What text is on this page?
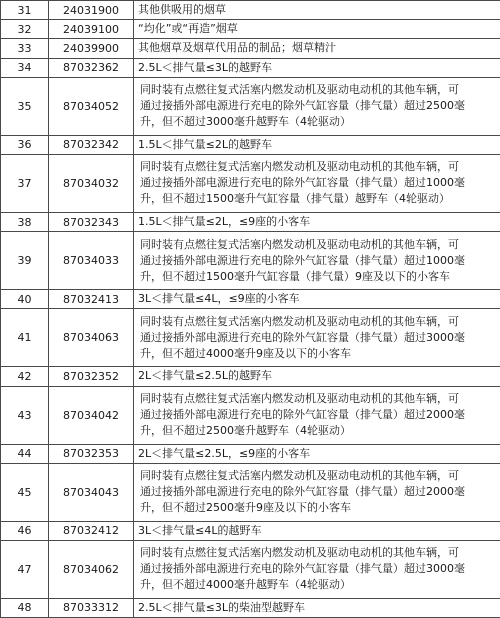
31	24031900	其他供吸用的烟草
32	24039100	“均化”或“再造”烟草
33	24039900	其他烟草及烟草代用品的制品；烟草精汁
34	87032362	2.5L＜排气量≤3L的越野车
35	87034052	同时装有点燃往复式活塞内燃发动机及驱动电动机的其他车辆，可
通过接插外部电源进行充电的除外气缸容量（排气量）超过2500毫
升，但不超过3000毫升越野车（4轮驱动）

36	87032342	1.5L＜排气量≤2L的越野车
37	87034032	同时装有点燃往复式活塞内燃发动机及驱动电动机的其他车辆，可
通过接插外部电源进行充电的除外气缸容量（排气量）超过1000毫
升，但不超过1500毫升气缸容量（排气量）越野车（4轮驱动）

38	87032343	1.5L＜排气量≤2L，≤9座的小客车
39	87034033	同时装有点燃往复式活塞内燃发动机及驱动电动机的其他车辆，可
通过接插外部电源进行充电的除外气缸容量（排气量）超过1000毫
升，但不超过1500毫升气缸容量（排气量）9座及以下的小客车

40	87032413	3L＜排气量≤4L，≤9座的小客车
41	87034063	同时装有点燃往复式活塞内燃发动机及驱动电动机的其他车辆，可
通过接插外部电源进行充电的除外气缸容量（排气量）超过3000毫
升，但不超过4000毫升9座及以下的小客车

42	87032352	2L＜排气量≤2.5L的越野车
43	87034042	同时装有点燃往复式活塞内燃发动机及驱动电动机的其他车辆，可
通过接插外部电源进行充电的除外气缸容量（排气量）超过2000毫
升，但不超过2500毫升越野车（4轮驱动）

44	87032353	2L＜排气量≤2.5L，≤9座的小客车
45	87034043	同时装有点燃往复式活塞内燃发动机及驱动电动机的其他车辆，可
通过接插外部电源进行充电的除外气缸容量（排气量）超过2000毫
升，但不超过2500毫升9座及以下的小客车

46	87032412	3L＜排气量≤4L的越野车
47	87034062	同时装有点燃往复式活塞内燃发动机及驱动电动机的其他车辆，可
通过接插外部电源进行充电的除外气缸容量（排气量）超过3000毫
升，但不超过4000毫升越野车（4轮驱动）

48	87033312	2.5L＜排气量≤3L的柴油型越野车
